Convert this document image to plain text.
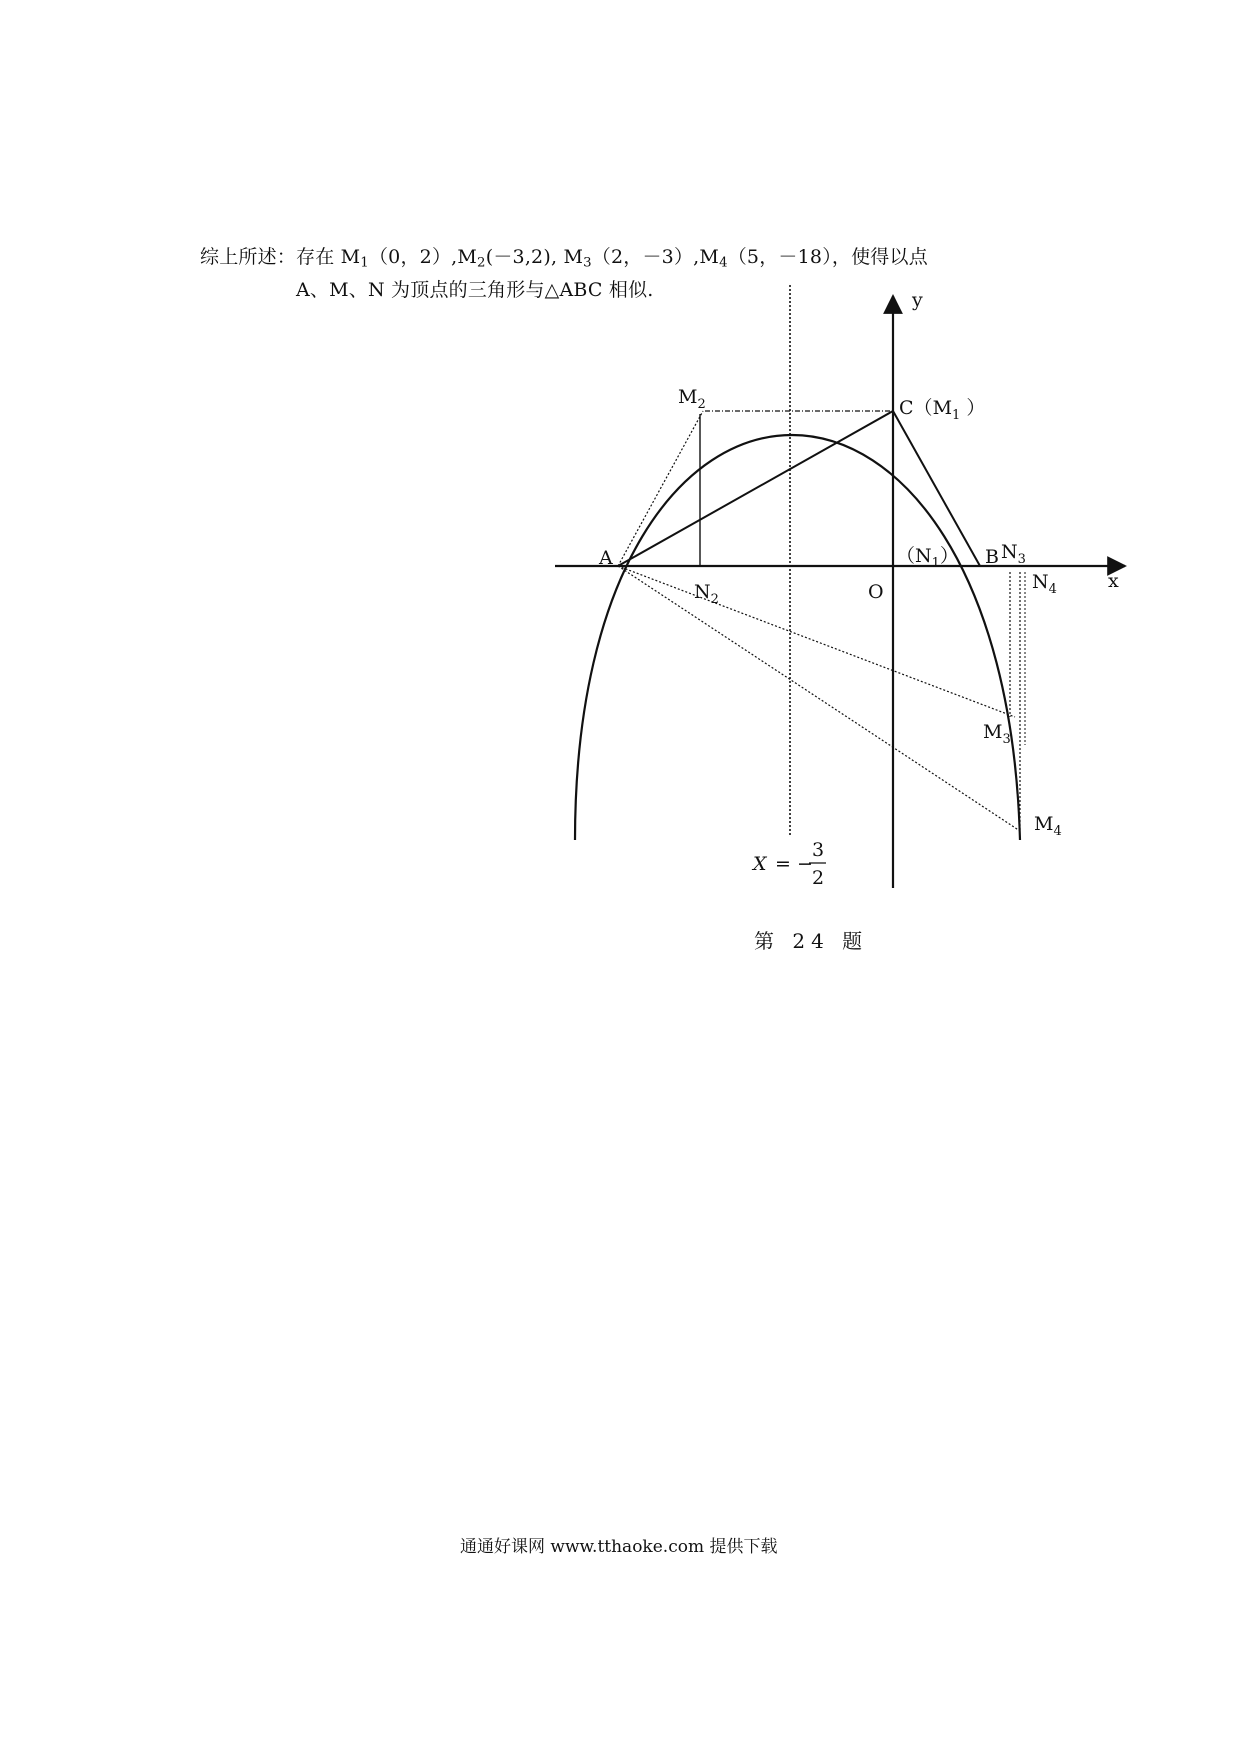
综上所述：存在 $M_1(0$，$2),M_2(-3,2)$, $M_3(2$，$-3),M_4(5$，－18），使得以点
A、M、N 为顶点的三角形与△ABC 相似.	y
x
O
A	B
$C(M_1$ ）
$(N_1)$
$M_2$
$N_2$
$N_3$
$N_4$
$M_3$
$M_4$
X = −
3
2
第 24 题
通通好课网 www.tthaoke.com 提供下载
